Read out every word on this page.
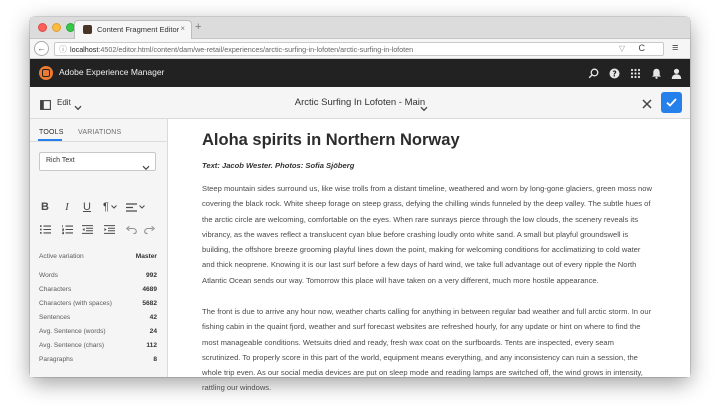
Content Fragment Editor × +
←	ⓘ localhost:4502/editor.html/content/dam/we-retail/experiences/arctic-surfing-in-lofoten/arctic-surfing-in-lofoten	▽ C ≡
Adobe Experience Manager	?
Edit	Arctic Surfing In Lofoten - Main
TOOLS VARIATIONS
Rich Text
B I U ¶
Active variation	Master
Words	992
Characters	4689
Characters (with spaces)	5682
Sentences	42
Avg. Sentence (words)	24
Avg. Sentence (chars)	112
Paragraphs	8
Aloha spirits in Northern Norway

Text: Jacob Wester. Photos: Sofia Sjöberg

Steep mountain sides surround us, like wise trolls from a distant timeline, weathered and worn by long-gone glaciers, green moss now covering the black rock. White sheep forage on steep grass, defying the chilling winds funneled by the deep valley. The subtle hues of the arctic circle are welcoming, comfortable on the eyes. When rare sunrays pierce through the low clouds, the scenery reveals its vibrancy, as the waves reflect a translucent cyan blue before crashing loudly onto white sand. A small but playful groundswell is building, the offshore breeze grooming playful lines down the point, making for welcoming conditions for acclimatizing to cold water and thick neoprene. Knowing it is our last surf before a few days of hard wind, we take full advantage out of every ripple the North Atlantic Ocean sends our way. Tomorrow this place will have taken on a very different, much more hostile appearance.

The front is due to arrive any hour now, weather charts calling for anything in between regular bad weather and full arctic storm. In our fishing cabin in the quaint fjord, weather and surf forecast websites are refreshed hourly, for any update or hint on where to find the most manageable conditions. Wetsuits dried and ready, fresh wax coat on the surfboards. Tents are inspected, every seam scrutinized. To properly score in this part of the world, equipment means everything, and any inconsistency can ruin a session, the whole trip even. As our social media devices are put on sleep mode and reading lamps are switched off, the wind grows in intensity, rattling our windows.
